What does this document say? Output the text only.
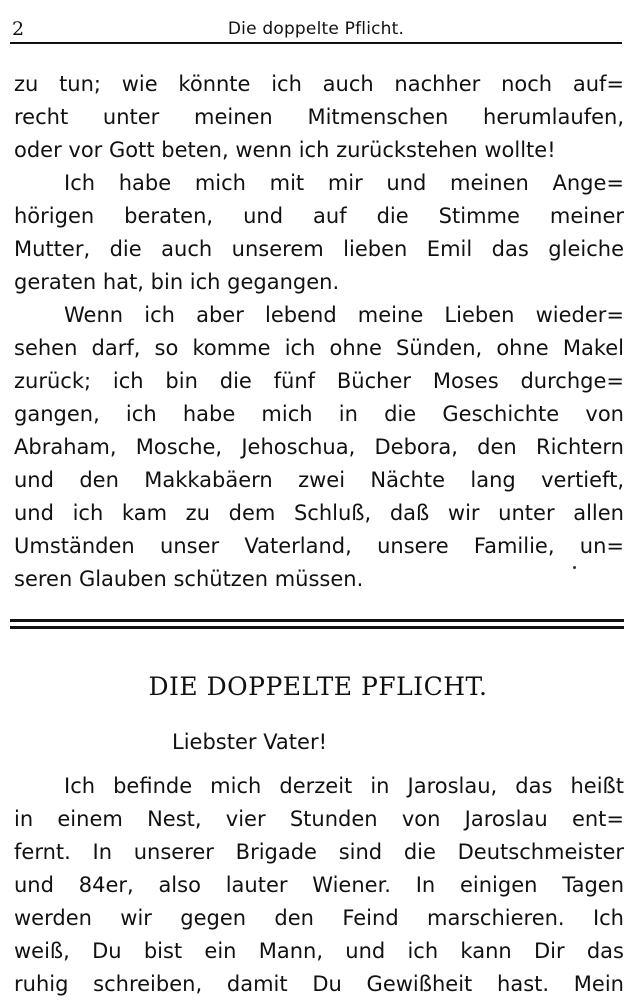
2	Die doppelte Pflicht.
zu tun; wie könnte ich auch nachher noch auf=
recht unter meinen Mitmenschen herumlaufen,
oder vor Gott beten, wenn ich zurückstehen wollte!
Ich habe mich mit mir und meinen Ange=
hörigen beraten, und auf die Stimme meiner
Mutter, die auch unserem lieben Emil das gleiche
geraten hat, bin ich gegangen.
Wenn ich aber lebend meine Lieben wieder=
sehen darf, so komme ich ohne Sünden, ohne Makel
zurück; ich bin die fünf Bücher Moses durchge=
gangen, ich habe mich in die Geschichte von
Abraham, Mosche, Jehoschua, Debora, den Richtern
und den Makkabäern zwei Nächte lang vertieft,
und ich kam zu dem Schluß, daß wir unter allen
Umständen unser Vaterland, unsere Familie, un=
seren Glauben schützen müssen.
DIE DOPPELTE PFLICHT.
Liebster Vater!
Ich befinde mich derzeit in Jaroslau, das heißt
in einem Nest, vier Stunden von Jaroslau ent=
fernt. In unserer Brigade sind die Deutschmeister
und 84er, also lauter Wiener. In einigen Tagen
werden wir gegen den Feind marschieren. Ich
weiß, Du bist ein Mann, und ich kann Dir das
ruhig schreiben, damit Du Gewißheit hast. Mein
